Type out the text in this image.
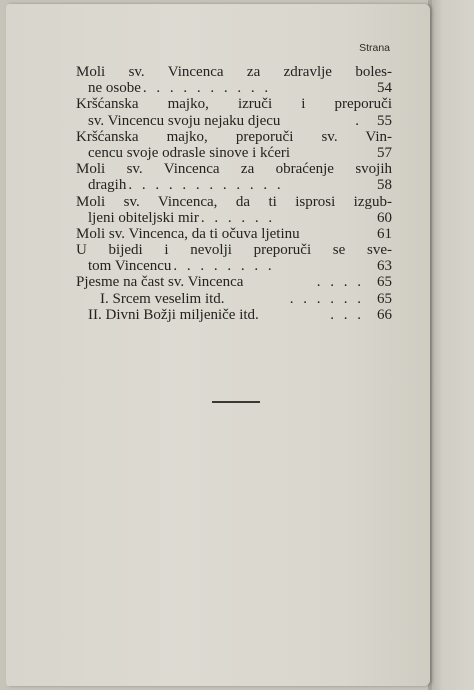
Strana
Moli sv. Vincenca za zdravlje boles-
ne osobe . . . . . . . . . .	54
Kršćanska majko, izruči i preporuči
sv. Vincencu svoju nejaku djecu	.	55
Kršćanska majko, preporuči sv. Vin-
cencu svoje odrasle sinove i kćeri	57
Moli sv. Vincenca za obraćenje svojih
dragih . . . . . . . . . . . .	58
Moli sv. Vincenca, da ti isprosi izgub-
ljeni obiteljski mir . . . . . .	60
Moli sv. Vincenca, da ti očuva ljetinu	61
U bijedi i nevolji preporuči se sve-
tom Vincencu . . . . . . . .	63
Pjesme na čast sv. Vincenca	. . . . 65
I. Srcem veselim itd.	. . . . . . 65
II. Divni Božji miljeniče itd.	. . . 66
